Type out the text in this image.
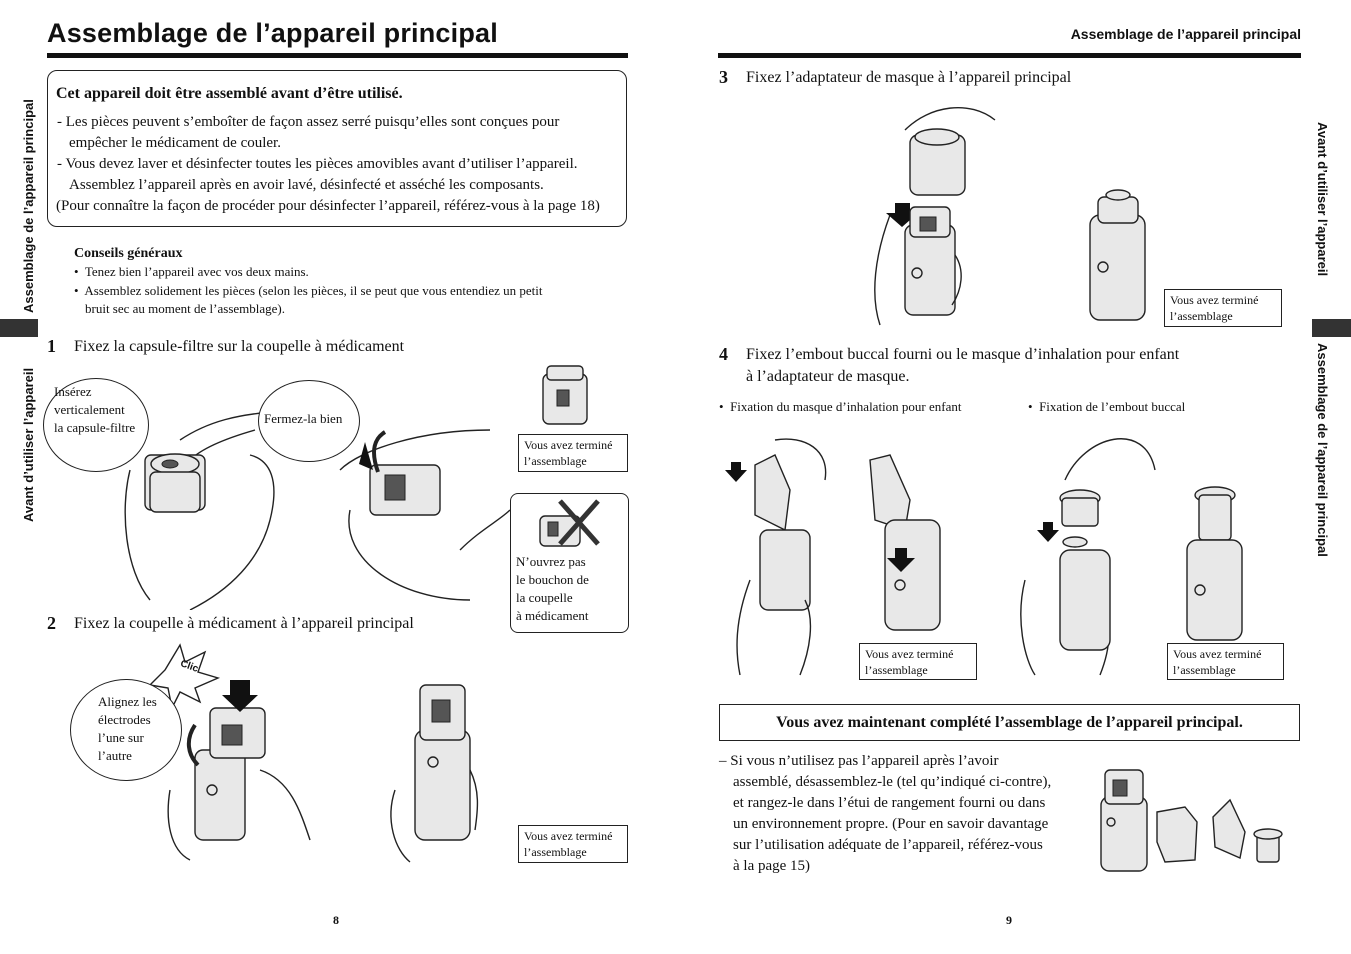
Assemblage de l’appareil principal
Assemblage de l’appareil principal
Avant d’utiliser l’appareil
Cet appareil doit être assemblé avant d’être utilisé.
- Les pièces peuvent s’emboîter de façon assez serré puisqu’elles sont conçues pour
empêcher le médicament de couler.
- Vous devez laver et désinfecter toutes les pièces amovibles avant d’utiliser l’appareil.
Assemblez l’appareil après en avoir lavé, désinfecté et asséché les composants.
(Pour connaître la façon de procéder pour désinfecter l’appareil, référez-vous à la page 18)
Conseils généraux
•  Tenez bien l’appareil avec vos deux mains.
•  Assemblez solidement les pièces (selon les pièces, il se peut que vous entendiez un petit
bruit sec au moment de l’assemblage).
1 Fixez la capsule-filtre sur la coupelle à médicament
Insérez
verticalement
la capsule-filtre
Fermez-la bien
Vous avez terminé
l’assemblage
N’ouvrez pas
le bouchon de
la coupelle
à médicament
2 Fixez la coupelle à médicament à l’appareil principal
Clic
Alignez les
électrodes
l’une sur
l’autre
Vous avez terminé
l’assemblage
8
Assemblage de l’appareil principal
Avant d’utiliser l’appareil
Assemblage de l’appareil principal
3 Fixez l’adaptateur de masque à l’appareil principal
Vous avez terminé
l’assemblage
4 Fixez l’embout buccal fourni ou le masque d’inhalation pour enfant
à l’adaptateur de masque.
•  Fixation du masque d’inhalation pour enfant	•  Fixation de l’embout buccal
Vous avez terminé
l’assemblage
Vous avez terminé
l’assemblage
Vous avez maintenant complété l’assemblage de l’appareil principal.
– Si vous n’utilisez pas l’appareil après l’avoir
assemblé, désassemblez-le (tel qu’indiqué ci-contre),
et rangez-le dans l’étui de rangement fourni ou dans
un environnement propre. (Pour en savoir davantage
sur l’utilisation adéquate de l’appareil, référez-vous
à la page 15)
9
